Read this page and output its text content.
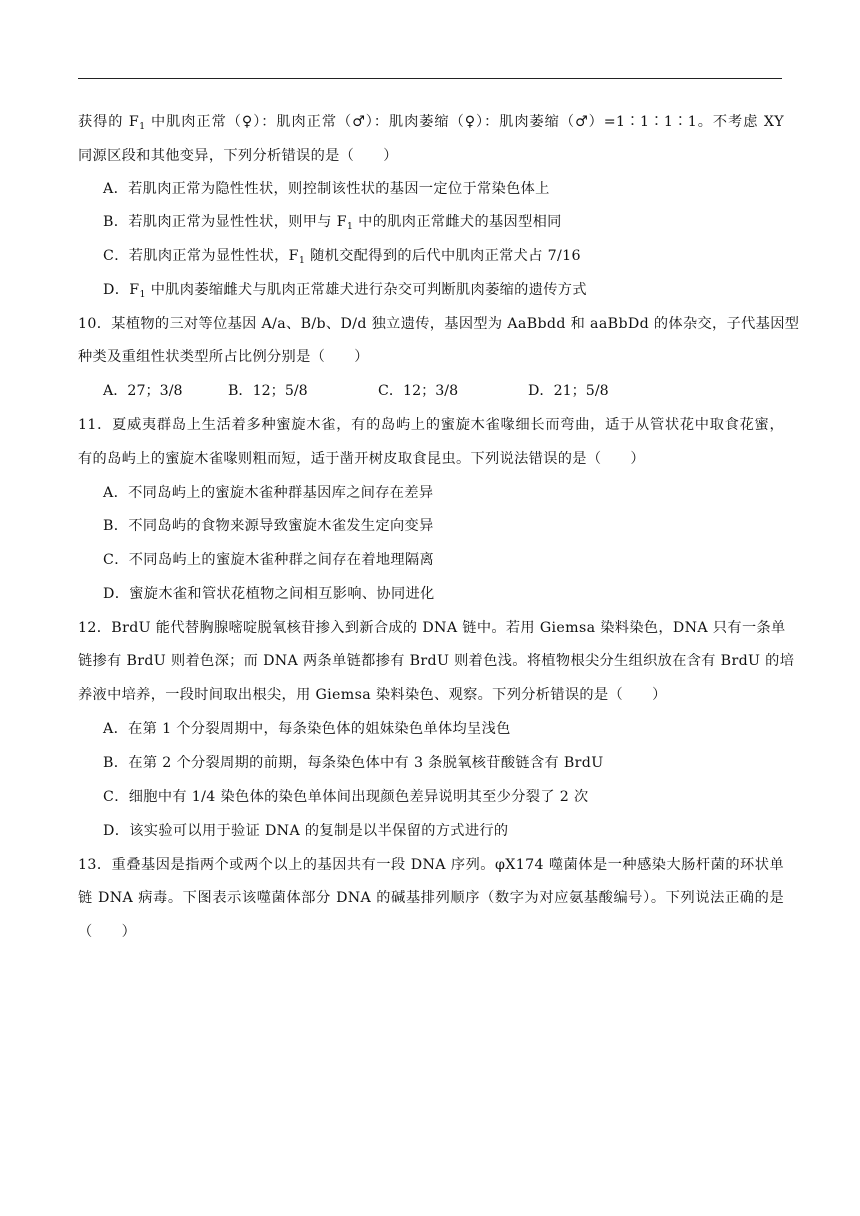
获得的 $F_1$ 中肌肉正常（♀）：肌肉正常（♂）：肌肉萎缩（♀）：肌肉萎缩（♂）=1∶1∶1∶1。不考虑 XY
同源区段和其他变异，下列分析错误的是（　　）
A．若肌肉正常为隐性性状，则控制该性状的基因一定位于常染色体上
B．若肌肉正常为显性性状，则甲与 $F_1$ 中的肌肉正常雌犬的基因型相同
C．若肌肉正常为显性性状，$F_1$ 随机交配得到的后代中肌肉正常犬占 7/16
D．$F_1$ 中肌肉萎缩雌犬与肌肉正常雄犬进行杂交可判断肌肉萎缩的遗传方式
10．某植物的三对等位基因 A/a、B/b、D/d 独立遗传，基因型为 AaBbdd 和 aaBbDd 的体杂交，子代基因型
种类及重组性状类型所占比例分别是（　　）
A．27；3/8	B．12；5/8	C．12；3/8	D．21；5/8
11．夏威夷群岛上生活着多种蜜旋木雀，有的岛屿上的蜜旋木雀喙细长而弯曲，适于从管状花中取食花蜜，
有的岛屿上的蜜旋木雀喙则粗而短，适于凿开树皮取食昆虫。下列说法错误的是（　　）
A．不同岛屿上的蜜旋木雀种群基因库之间存在差异
B．不同岛屿的食物来源导致蜜旋木雀发生定向变异
C．不同岛屿上的蜜旋木雀种群之间存在着地理隔离
D．蜜旋木雀和管状花植物之间相互影响、协同进化
12．BrdU 能代替胸腺嘧啶脱氧核苷掺入到新合成的 DNA 链中。若用 Giemsa 染料染色，DNA 只有一条单
链掺有 BrdU 则着色深；而 DNA 两条单链都掺有 BrdU 则着色浅。将植物根尖分生组织放在含有 BrdU 的培
养液中培养，一段时间取出根尖，用 Giemsa 染料染色、观察。下列分析错误的是（　　）
A．在第 1 个分裂周期中，每条染色体的姐妹染色单体均呈浅色
B．在第 2 个分裂周期的前期，每条染色体中有 3 条脱氧核苷酸链含有 BrdU
C．细胞中有 1/4 染色体的染色单体间出现颜色差异说明其至少分裂了 2 次
D．该实验可以用于验证 DNA 的复制是以半保留的方式进行的
13．重叠基因是指两个或两个以上的基因共有一段 DNA 序列。φX174 噬菌体是一种感染大肠杆菌的环状单
链 DNA 病毒。下图表示该噬菌体部分 DNA 的碱基排列顺序（数字为对应氨基酸编号）。下列说法正确的是
（　　）
